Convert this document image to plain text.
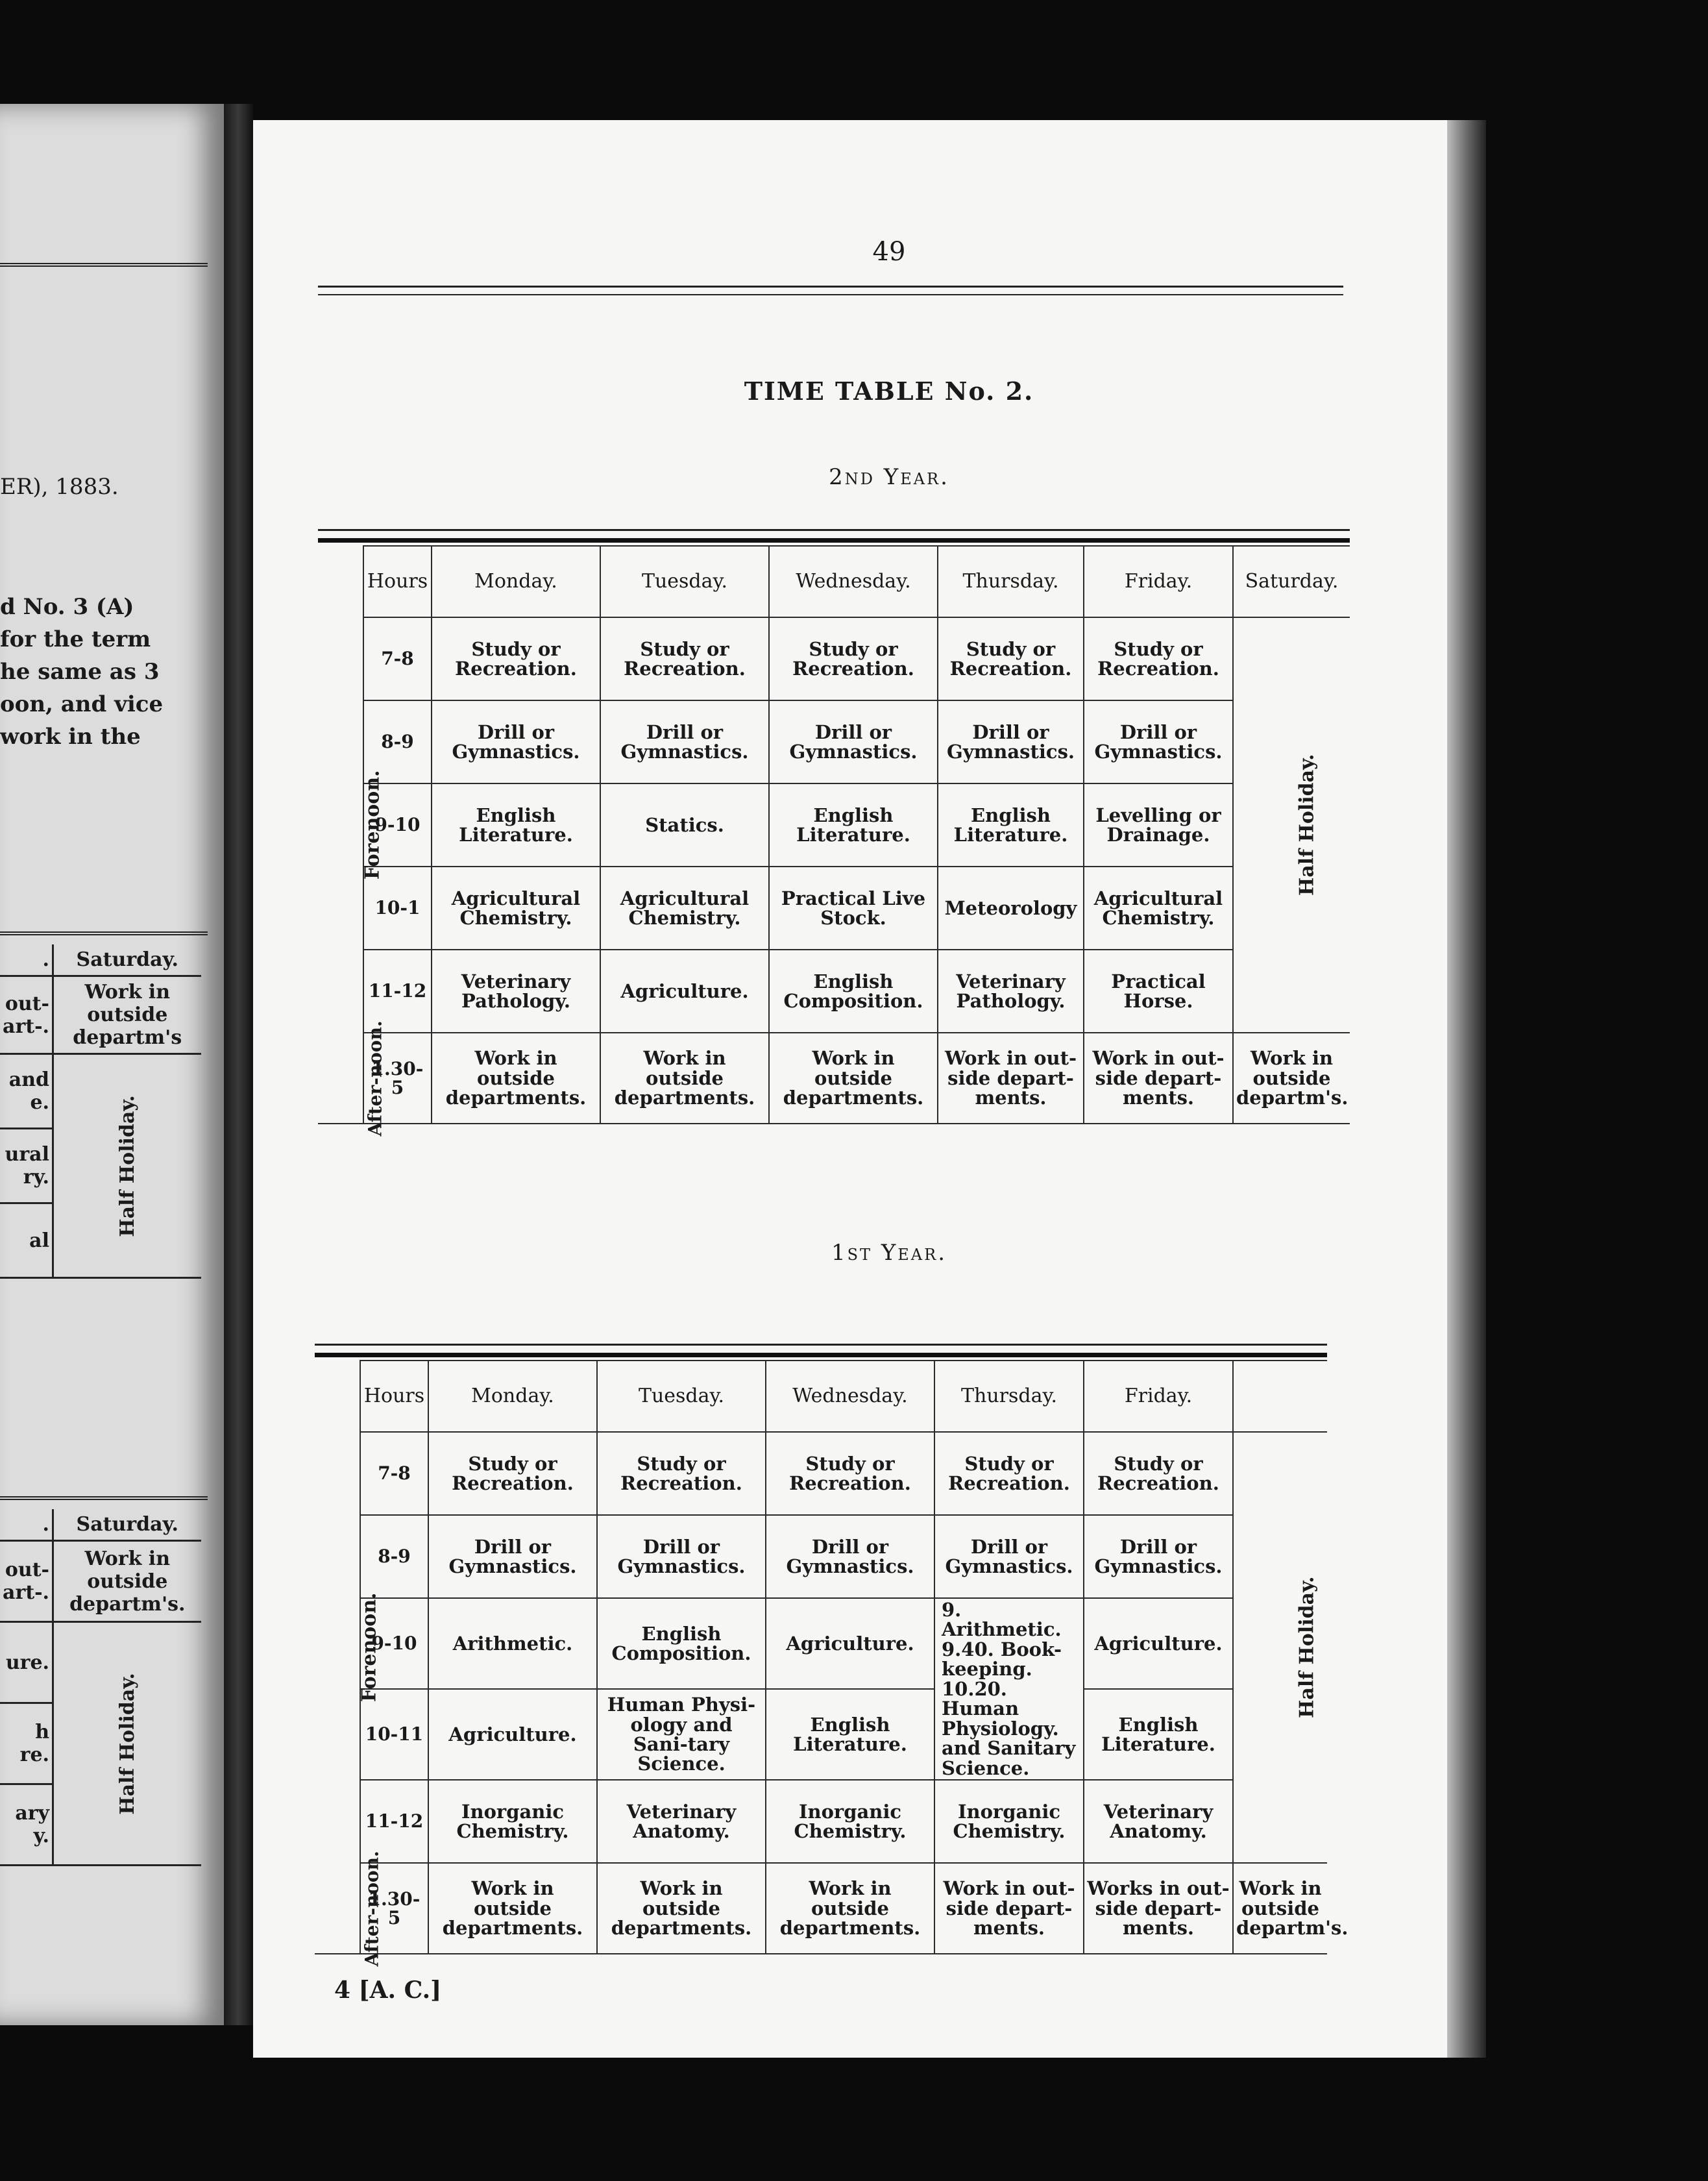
ER), 1883.
d No. 3 (A)
for the term
he same as 3
oon, and vice
work in the
.	Saturday.
out-art-.	Work in outside departm's
and e.	Half Holiday.
ural ry.	
al	
.	Saturday.
out-art-.	Work in outside departm's.
ure.	Half Holiday.
h re.	
ary y.	
49
TIME TABLE No. 2.
2nd Year.
	Hours	Monday.	Tuesday.	Wednesday.	Thursday.	Friday.	Saturday.
Forenoon.	7-8	Study or Recreation.	Study or Recreation.	Study or Recreation.	Study or Recreation.	Study or Recreation.	Half Holiday.
	8-9	Drill or Gymnastics.	Drill or Gymnastics.	Drill or Gymnastics.	Drill or Gymnastics.	Drill or Gymnastics.	
	9-10	English Literature.	Statics.	English Literature.	English Literature.	Levelling or Drainage.	
	10-1	Agricultural Chemistry.	Agricultural Chemistry.	Practical Live Stock.	Meteorology	Agricultural Chemistry.	
	11-12	Veterinary Pathology.	Agriculture.	English Composition.	Veterinary Pathology.	Practical Horse.	
After-noon.	1.30-5	Work in outside departments.	Work in outside departments.	Work in outside departments.	Work in out-side depart-ments.	Work in out-side depart-ments.	Work in outside departm's.
1st Year.
	Hours	Monday.	Tuesday.	Wednesday.	Thursday.	Friday.	
Forenoon.	7-8	Study or Recreation.	Study or Recreation.	Study or Recreation.	Study or Recreation.	Study or Recreation.	Half Holiday.
	8-9	Drill or Gymnastics.	Drill or Gymnastics.	Drill or Gymnastics.	Drill or Gymnastics.	Drill or Gymnastics.	
	9-10	Arithmetic.	English Composition.	Agriculture.	9. Arithmetic. 9.40. Book-keeping. 10.20. Human Physiology. and Sanitary Science.	Agriculture.	
	10-11	Agriculture.	Human Physi-ology and Sani-tary Science.	English Literature.		English Literature.	
	11-12	Inorganic Chemistry.	Veterinary Anatomy.	Inorganic Chemistry.	Inorganic Chemistry.	Veterinary Anatomy.	
After-noon.	1.30-5	Work in outside departments.	Work in outside departments.	Work in outside departments.	Work in out-side depart-ments.	Works in out-side depart-ments.	Work in outside departm's.
4 [A. C.]
